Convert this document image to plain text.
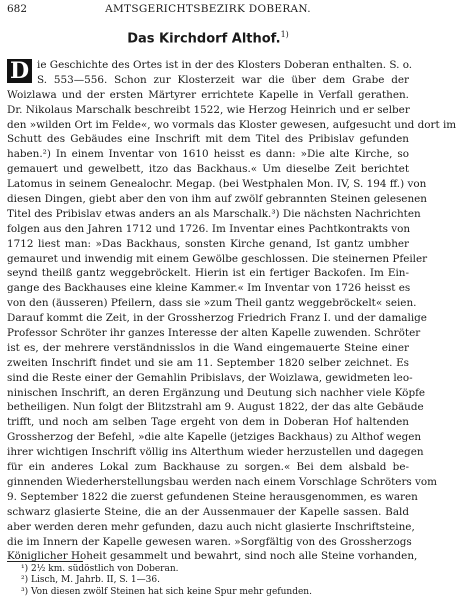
682	AMTSGERICHTSBEZIRK DOBERAN.
Das Kirchdorf Althof.$^{1)}$
D ie Geschichte des Ortes ist in der des Klosters Doberan enthalten. S. o.
S. 553—556. Schon zur Klosterzeit war die über dem Grabe der
Woizlawa und der ersten Märtyrer errichtete Kapelle in Verfall gerathen.
Dr. Nikolaus Marschalk beschreibt 1522, wie Herzog Heinrich und er selber
den »wilden Ort im Felde«, wo vormals das Kloster gewesen, aufgesucht und dort im
Schutt des Gebäudes eine Inschrift mit dem Titel des Pribislav gefunden
haben.²) In einem Inventar von 1610 heisst es dann: »Die alte Kirche, so
gemauert und gewelbett, itzo das Backhaus.« Um dieselbe Zeit berichtet
Latomus in seinem Genealochr. Megap. (bei Westphalen Mon. IV, S. 194 ff.) von
diesen Dingen, giebt aber den von ihm auf zwölf gebrannten Steinen gelesenen
Titel des Pribislav etwas anders an als Marschalk.³) Die nächsten Nachrichten
folgen aus den Jahren 1712 und 1726. Im Inventar eines Pachtkontrakts von
1712 liest man: »Das Backhaus, sonsten Kirche genand, Ist gantz umbher
gemauret und inwendig mit einem Gewölbe geschlossen. Die steinernen Pfeiler
seynd theilß gantz weggebröckelt. Hierin ist ein fertiger Backofen. Im Ein-
gange des Backhauses eine kleine Kammer.« Im Inventar von 1726 heisst es
von den (äusseren) Pfeilern, dass sie »zum Theil gantz weggebröckelt« seien.
Darauf kommt die Zeit, in der Grossherzog Friedrich Franz I. und der damalige
Professor Schröter ihr ganzes Interesse der alten Kapelle zuwenden. Schröter
ist es, der mehrere verständnisslos in die Wand eingemauerte Steine einer
zweiten Inschrift findet und sie am 11. September 1820 selber zeichnet. Es
sind die Reste einer der Gemahlin Pribislavs, der Woizlawa, gewidmeten leo-
ninischen Inschrift, an deren Ergänzung und Deutung sich nachher viele Köpfe
betheiligen. Nun folgt der Blitzstrahl am 9. August 1822, der das alte Gebäude
trifft, und noch am selben Tage ergeht von dem in Doberan Hof haltenden
Grossherzog der Befehl, »die alte Kapelle (jetziges Backhaus) zu Althof wegen
ihrer wichtigen Inschrift völlig ins Alterthum wieder herzustellen und dagegen
für ein anderes Lokal zum Backhause zu sorgen.« Bei dem alsbald be-
ginnenden Wiederherstellungsbau werden nach einem Vorschlage Schröters vom
9. September 1822 die zuerst gefundenen Steine herausgenommen, es waren
schwarz glasierte Steine, die an der Aussenmauer der Kapelle sassen. Bald
aber werden deren mehr gefunden, dazu auch nicht glasierte Inschriftsteine,
die im Innern der Kapelle gewesen waren. »Sorgfältig von des Grossherzogs
Königlicher Hoheit gesammelt und bewahrt, sind noch alle Steine vorhanden,
¹) 2½ km. südöstlich von Doberan.
²) Lisch, M. Jahrb. II, S. 1—36.
³) Von diesen zwölf Steinen hat sich keine Spur mehr gefunden.
